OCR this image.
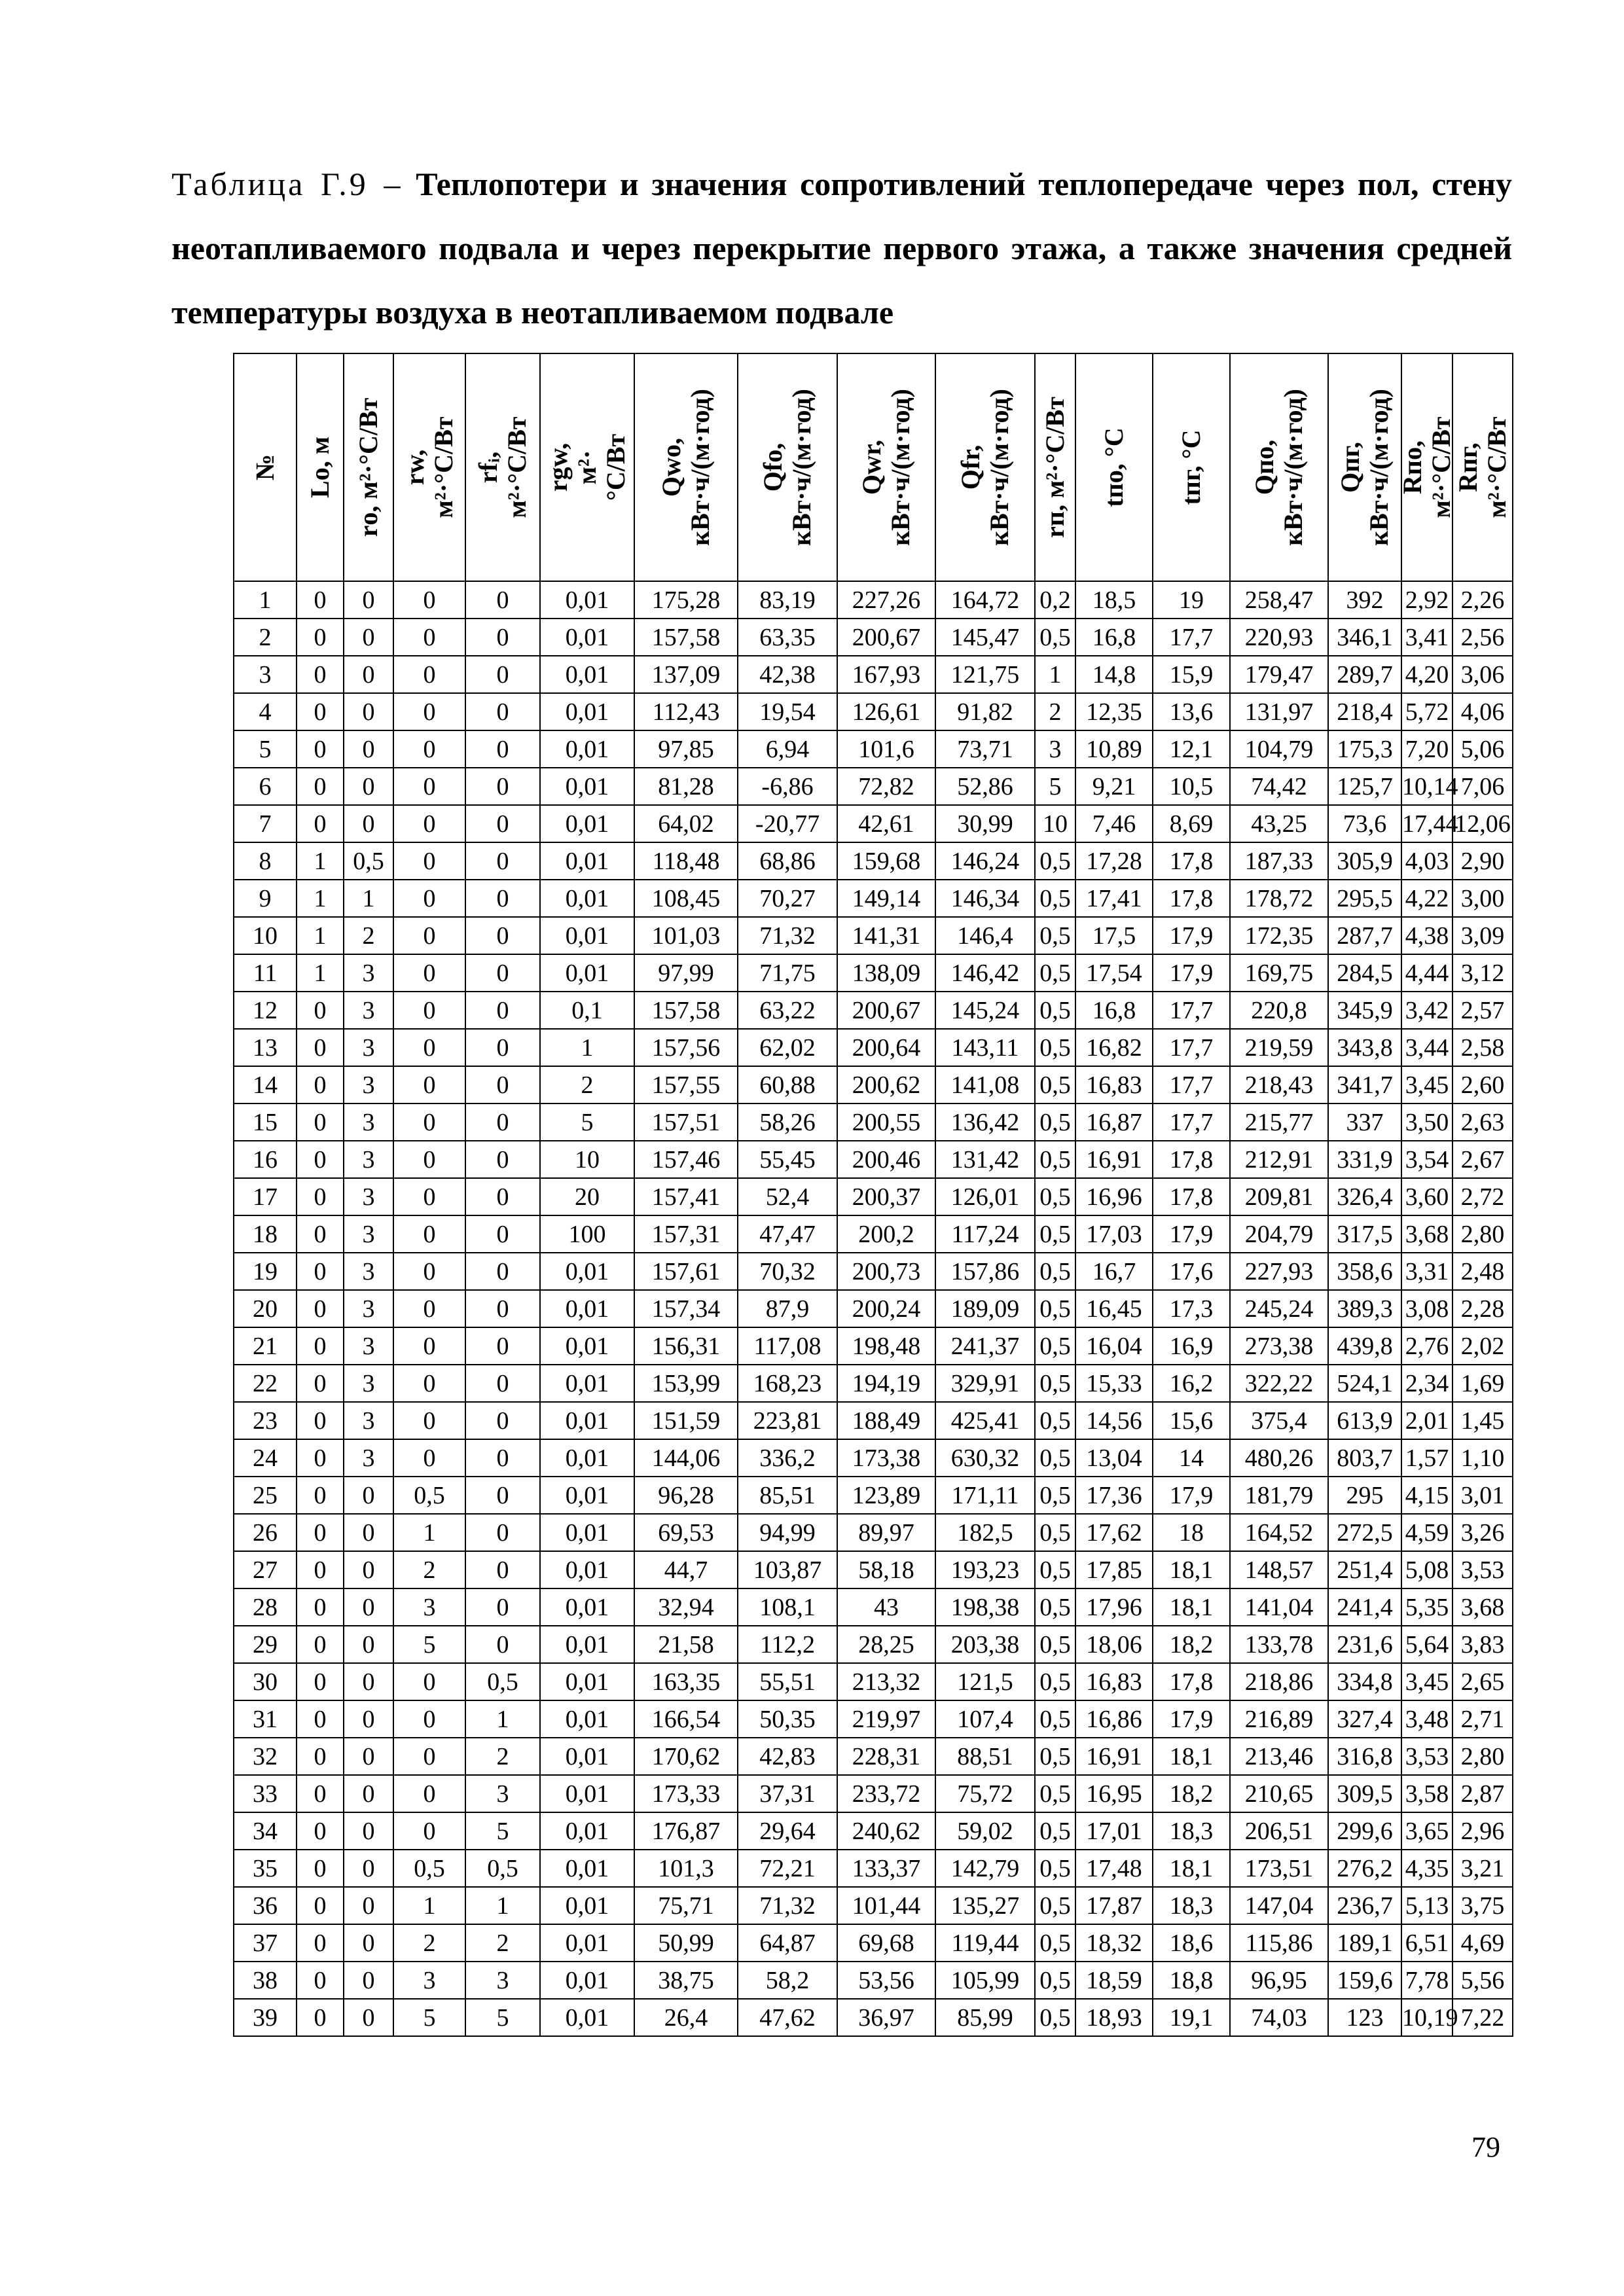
Таблица Г.9 – Теплопотери и значения сопротивлений теплопередаче через пол, стену неотапливаемого подвала и через перекрытие первого этажа, а также значения средней температуры воздуха в неотапливаемом подвале
№	Lо, м	rо, м²·°С/Вт	rw, м²·°С/Вт	rfᵢ, м²·°С/Вт	rgw, м²· °С/Вт	Qwo, кВт·ч/(м·год)	Qfo, кВт·ч/(м·год)	Qwr, кВт·ч/(м·год)	Qfr, кВт·ч/(м·год)	rп, м²·°С/Вт	tпо, °С	tпг, °С	Qпо, кВт·ч/(м·год)	Qпг, кВт·ч/(м·год)	Rпо, м²·°С/Вт	Rпг, м²·°С/Вт

1	0	0	0	0	0,01	175,28	83,19	227,26	164,72	0,2	18,5	19	258,47	392	2,92	2,26
2	0	0	0	0	0,01	157,58	63,35	200,67	145,47	0,5	16,8	17,7	220,93	346,1	3,41	2,56
3	0	0	0	0	0,01	137,09	42,38	167,93	121,75	1	14,8	15,9	179,47	289,7	4,20	3,06
4	0	0	0	0	0,01	112,43	19,54	126,61	91,82	2	12,35	13,6	131,97	218,4	5,72	4,06
5	0	0	0	0	0,01	97,85	6,94	101,6	73,71	3	10,89	12,1	104,79	175,3	7,20	5,06
6	0	0	0	0	0,01	81,28	-6,86	72,82	52,86	5	9,21	10,5	74,42	125,7	10,14	7,06
7	0	0	0	0	0,01	64,02	-20,77	42,61	30,99	10	7,46	8,69	43,25	73,6	17,44	12,06
8	1	0,5	0	0	0,01	118,48	68,86	159,68	146,24	0,5	17,28	17,8	187,33	305,9	4,03	2,90
9	1	1	0	0	0,01	108,45	70,27	149,14	146,34	0,5	17,41	17,8	178,72	295,5	4,22	3,00
10	1	2	0	0	0,01	101,03	71,32	141,31	146,4	0,5	17,5	17,9	172,35	287,7	4,38	3,09
11	1	3	0	0	0,01	97,99	71,75	138,09	146,42	0,5	17,54	17,9	169,75	284,5	4,44	3,12
12	0	3	0	0	0,1	157,58	63,22	200,67	145,24	0,5	16,8	17,7	220,8	345,9	3,42	2,57
13	0	3	0	0	1	157,56	62,02	200,64	143,11	0,5	16,82	17,7	219,59	343,8	3,44	2,58
14	0	3	0	0	2	157,55	60,88	200,62	141,08	0,5	16,83	17,7	218,43	341,7	3,45	2,60
15	0	3	0	0	5	157,51	58,26	200,55	136,42	0,5	16,87	17,7	215,77	337	3,50	2,63
16	0	3	0	0	10	157,46	55,45	200,46	131,42	0,5	16,91	17,8	212,91	331,9	3,54	2,67
17	0	3	0	0	20	157,41	52,4	200,37	126,01	0,5	16,96	17,8	209,81	326,4	3,60	2,72
18	0	3	0	0	100	157,31	47,47	200,2	117,24	0,5	17,03	17,9	204,79	317,5	3,68	2,80
19	0	3	0	0	0,01	157,61	70,32	200,73	157,86	0,5	16,7	17,6	227,93	358,6	3,31	2,48
20	0	3	0	0	0,01	157,34	87,9	200,24	189,09	0,5	16,45	17,3	245,24	389,3	3,08	2,28
21	0	3	0	0	0,01	156,31	117,08	198,48	241,37	0,5	16,04	16,9	273,38	439,8	2,76	2,02
22	0	3	0	0	0,01	153,99	168,23	194,19	329,91	0,5	15,33	16,2	322,22	524,1	2,34	1,69
23	0	3	0	0	0,01	151,59	223,81	188,49	425,41	0,5	14,56	15,6	375,4	613,9	2,01	1,45
24	0	3	0	0	0,01	144,06	336,2	173,38	630,32	0,5	13,04	14	480,26	803,7	1,57	1,10
25	0	0	0,5	0	0,01	96,28	85,51	123,89	171,11	0,5	17,36	17,9	181,79	295	4,15	3,01
26	0	0	1	0	0,01	69,53	94,99	89,97	182,5	0,5	17,62	18	164,52	272,5	4,59	3,26
27	0	0	2	0	0,01	44,7	103,87	58,18	193,23	0,5	17,85	18,1	148,57	251,4	5,08	3,53
28	0	0	3	0	0,01	32,94	108,1	43	198,38	0,5	17,96	18,1	141,04	241,4	5,35	3,68
29	0	0	5	0	0,01	21,58	112,2	28,25	203,38	0,5	18,06	18,2	133,78	231,6	5,64	3,83
30	0	0	0	0,5	0,01	163,35	55,51	213,32	121,5	0,5	16,83	17,8	218,86	334,8	3,45	2,65
31	0	0	0	1	0,01	166,54	50,35	219,97	107,4	0,5	16,86	17,9	216,89	327,4	3,48	2,71
32	0	0	0	2	0,01	170,62	42,83	228,31	88,51	0,5	16,91	18,1	213,46	316,8	3,53	2,80
33	0	0	0	3	0,01	173,33	37,31	233,72	75,72	0,5	16,95	18,2	210,65	309,5	3,58	2,87
34	0	0	0	5	0,01	176,87	29,64	240,62	59,02	0,5	17,01	18,3	206,51	299,6	3,65	2,96
35	0	0	0,5	0,5	0,01	101,3	72,21	133,37	142,79	0,5	17,48	18,1	173,51	276,2	4,35	3,21
36	0	0	1	1	0,01	75,71	71,32	101,44	135,27	0,5	17,87	18,3	147,04	236,7	5,13	3,75
37	0	0	2	2	0,01	50,99	64,87	69,68	119,44	0,5	18,32	18,6	115,86	189,1	6,51	4,69
38	0	0	3	3	0,01	38,75	58,2	53,56	105,99	0,5	18,59	18,8	96,95	159,6	7,78	5,56
39	0	0	5	5	0,01	26,4	47,62	36,97	85,99	0,5	18,93	19,1	74,03	123	10,19	7,22
79
